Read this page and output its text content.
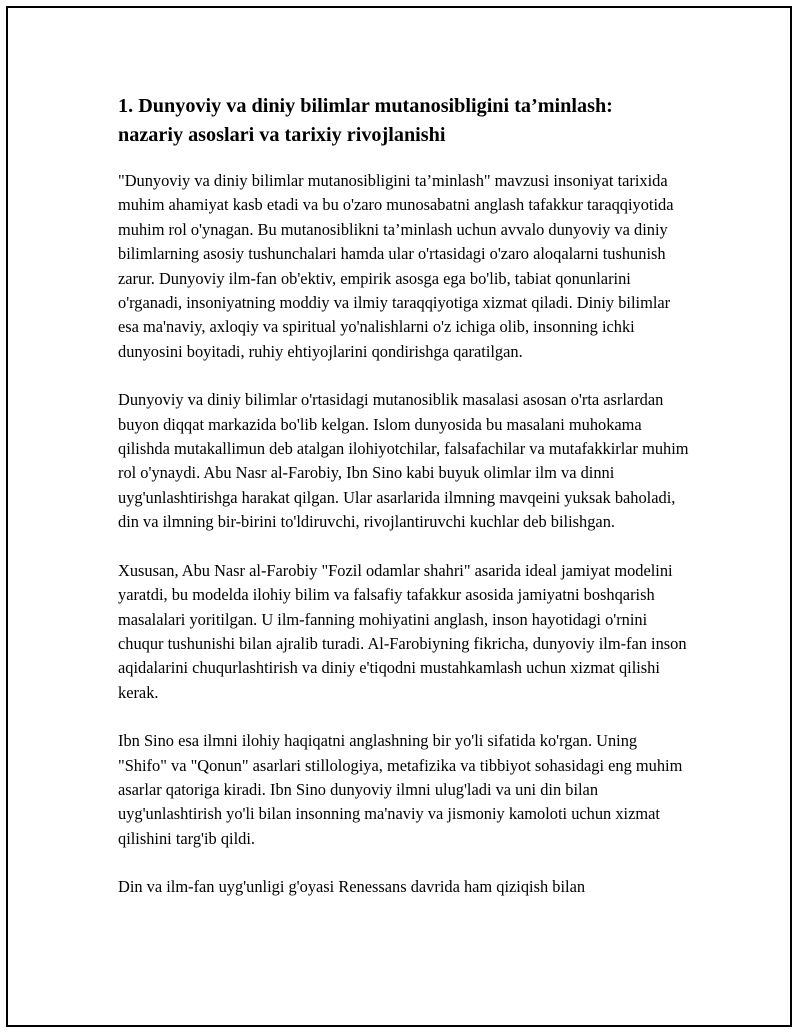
1. Dunyoviy va diniy bilimlar mutanosibligini ta’minlash:
nazariy asoslari va tarixiy rivojlanishi

"Dunyoviy va diniy bilimlar mutanosibligini ta’minlash" mavzusi insoniyat tarixida muhim ahamiyat kasb etadi va bu o'zaro munosabatni anglash tafakkur taraqqiyotida muhim rol o'ynagan. Bu mutanosiblikni ta’minlash uchun avvalo dunyoviy va diniy bilimlarning asosiy tushunchalari hamda ular o'rtasidagi o'zaro aloqalarni tushunish zarur. Dunyoviy ilm-fan ob'ektiv, empirik asosga ega bo'lib, tabiat qonunlarini o'rganadi, insoniyatning moddiy va ilmiy taraqqiyotiga xizmat qiladi. Diniy bilimlar esa ma'naviy, axloqiy va spiritual yo'nalishlarni o'z ichiga olib, insonning ichki dunyosini boyitadi, ruhiy ehtiyojlarini qondirishga qaratilgan.

Dunyoviy va diniy bilimlar o'rtasidagi mutanosiblik masalasi asosan o'rta asrlardan buyon diqqat markazida bo'lib kelgan. Islom dunyosida bu masalani muhokama qilishda mutakallimun deb atalgan ilohiyotchilar, falsafachilar va mutafakkirlar muhim rol o'ynaydi. Abu Nasr al-Farobiy, Ibn Sino kabi buyuk olimlar ilm va dinni uyg'unlashtirishga harakat qilgan. Ular asarlarida ilmning mavqeini yuksak baholadi, din va ilmning bir-birini to'ldiruvchi, rivojlantiruvchi kuchlar deb bilishgan.

Xususan, Abu Nasr al-Farobiy "Fozil odamlar shahri" asarida ideal jamiyat modelini yaratdi, bu modelda ilohiy bilim va falsafiy tafakkur asosida jamiyatni boshqarish masalalari yoritilgan. U ilm-fanning mohiyatini anglash, inson hayotidagi o'rnini chuqur tushunishi bilan ajralib turadi. Al-Farobiyning fikricha, dunyoviy ilm-fan inson aqidalarini chuqurlashtirish va diniy e'tiqodni mustahkamlash uchun xizmat qilishi kerak.

Ibn Sino esa ilmni ilohiy haqiqatni anglashning bir yo'li sifatida ko'rgan. Uning "Shifo" va "Qonun" asarlari stillologiya, metafizika va tibbiyot sohasidagi eng muhim asarlar qatoriga kiradi. Ibn Sino dunyoviy ilmni ulug'ladi va uni din bilan uyg'unlashtirish yo'li bilan insonning ma'naviy va jismoniy kamoloti uchun xizmat qilishini targ'ib qildi.

Din va ilm-fan uyg'unligi g'oyasi Renessans davrida ham qiziqish bilan
